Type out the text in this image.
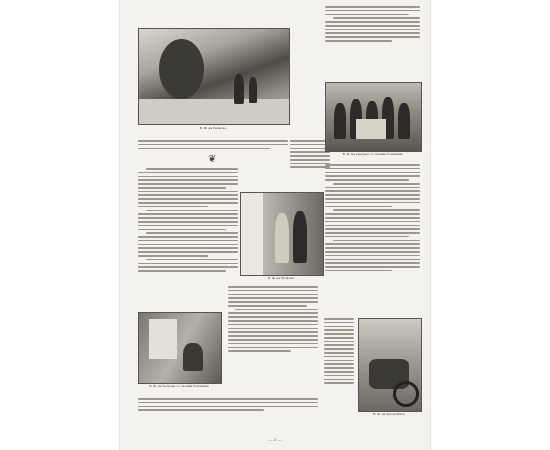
В. Ф. на балконе
❦	В. Ф. на крыльце со своими близкими
В. Ф. на балконе
В. Ф. на балконе со своими близкими
В. Ф. на автомобиле
— 3 —
